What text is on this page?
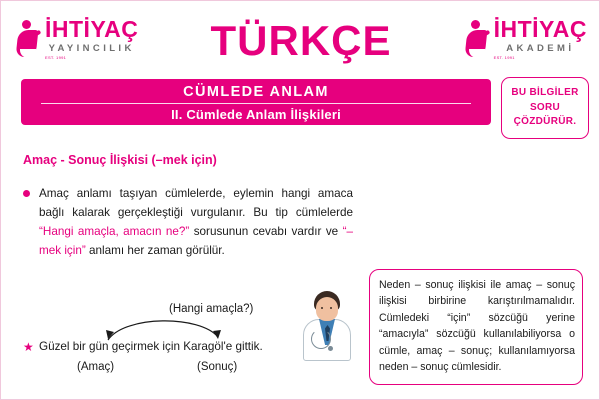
İHTİYAÇ
YAYINCILIK
EST. 1991	TÜRKÇE	İHTİYAÇ
AKADEMİ
EST. 1991
CÜMLEDE ANLAM
II. Cümlede Anlam İlişkileri
BU BİLGİLER
SORU
ÇÖZDÜRÜR.
Amaç - Sonuç İlişkisi (–mek için)
Amaç anlamı taşıyan cümlelerde, eylemin hangi amaca bağlı kalarak gerçekleştiği vurgulanır. Bu tip cümlelerde “Hangi amaçla, amacın ne?” sorusunun cevabı vardır ve “–mek için” anlamı her zaman görülür.
(Hangi amaçla?)
★ Güzel bir gün geçirmek için Karagöl'e gittik.
(Amaç)	(Sonuç)
Neden – sonuç ilişkisi ile amaç – sonuç ilişkisi birbirine karıştırılmamalıdır. Cümledeki “için” sözcüğü yerine “amacıyla” sözcüğü kullanılabiliyorsa o cümle, amaç – sonuç; kullanılamıyorsa neden – sonuç cümlesidir.
